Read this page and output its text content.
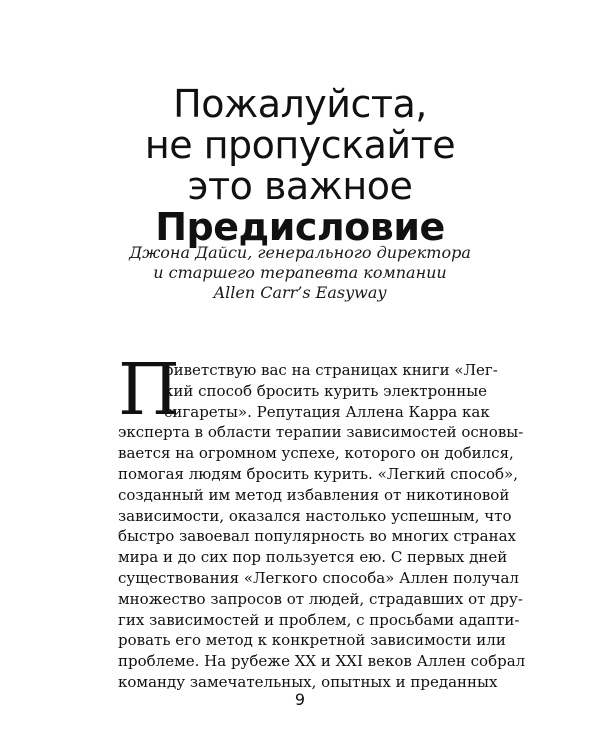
Пожалуйста,
не пропускайте
это важное
Предисловие
Джона Дайси, генерального директора
и старшего терапевта компании
Allen Carr’s Easyway
П
риветствую вас на страницах книги «Лег-
кий способ бросить курить электронные
сигареты». Репутация Аллена Карра как
эксперта в области терапии зависимостей основы-
вается на огромном успехе, которого он добился,
помогая людям бросить курить. «Легкий способ»,
созданный им метод избавления от никотиновой
зависимости, оказался настолько успешным, что
быстро завоевал популярность во многих странах
мира и до сих пор пользуется ею. С первых дней
существования «Легкого способа» Аллен получал
множество запросов от людей, страдавших от дру-
гих зависимостей и проблем, с просьбами адапти-
ровать его метод к конкретной зависимости или
проблеме. На рубеже XX и XXI веков Аллен собрал
команду замечательных, опытных и преданных
9
